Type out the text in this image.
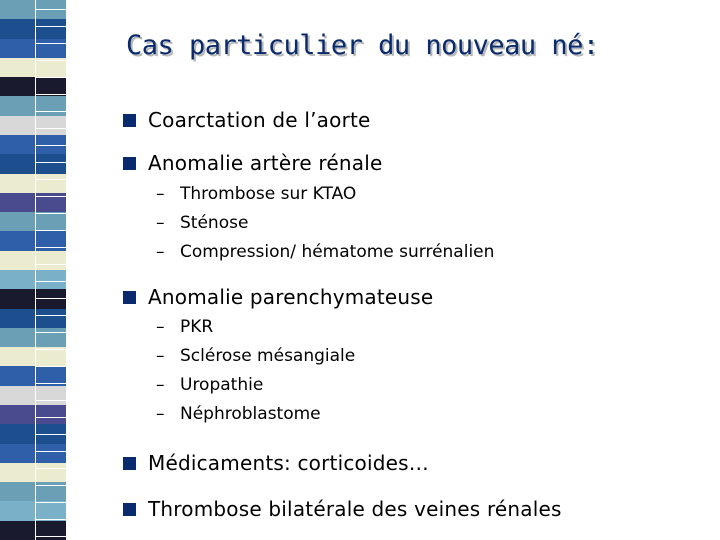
Cas particulier du nouveau né:
Coarctation de l’aorte
Anomalie artère rénale
– Thrombose sur KTAO
– Sténose
– Compression/ hématome surrénalien
Anomalie parenchymateuse
– PKR
– Sclérose mésangiale
– Uropathie
– Néphroblastome
Médicaments: corticoides…
Thrombose bilatérale des veines rénales
